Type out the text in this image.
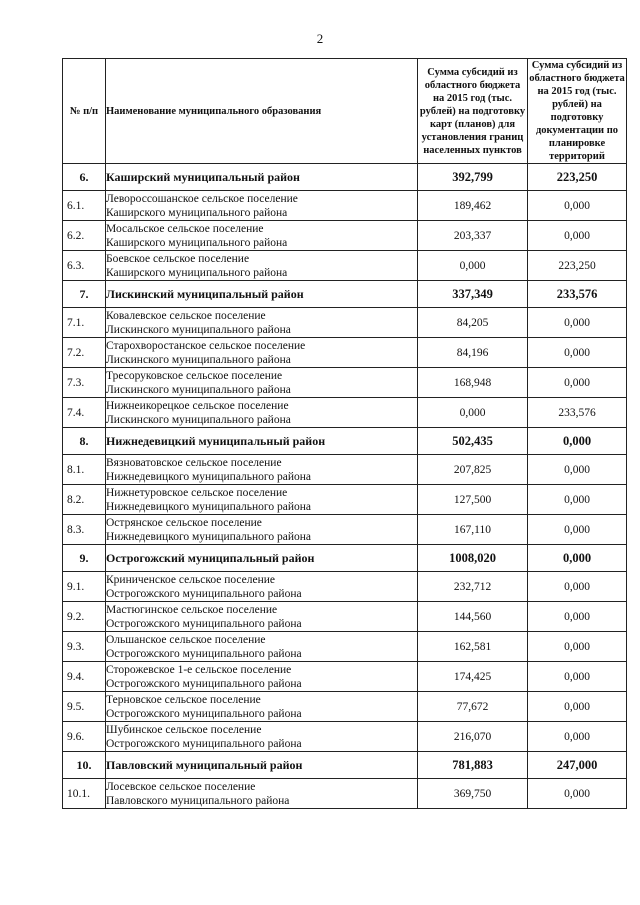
2
№ п/п	Наименование муниципального образования	Сумма субсидий из областного бюджета на 2015 год (тыс. рублей) на подготовку карт (планов) для установления границ населенных пунктов	Сумма субсидий из областного бюджета на 2015 год (тыс. рублей) на подготовку документации по планировке территорий
6.	Каширский муниципальный район	392,799	223,250
6.1.	Левороссошанское сельское поселение
Каширского муниципального района	189,462	0,000
6.2.	Мосальское сельское поселение
Каширского муниципального района	203,337	0,000
6.3.	Боевское сельское поселение
Каширского муниципального района	0,000	223,250
7.	Лискинский муниципальный район	337,349	233,576
7.1.	Ковалевское сельское поселение
Лискинского муниципального района	84,205	0,000
7.2.	Старохворостанское сельское поселение
Лискинского муниципального района	84,196	0,000
7.3.	Тресоруковское сельское поселение
Лискинского муниципального района	168,948	0,000
7.4.	Нижнеикорецкое сельское поселение
Лискинского муниципального района	0,000	233,576
8.	Нижнедевицкий муниципальный район	502,435	0,000
8.1.	Вязноватовское сельское поселение
Нижнедевицкого муниципального района	207,825	0,000
8.2.	Нижнетуровское сельское поселение
Нижнедевицкого муниципального района	127,500	0,000
8.3.	Острянское сельское поселение
Нижнедевицкого муниципального района	167,110	0,000
9.	Острогожский муниципальный район	1008,020	0,000
9.1.	Криниченское сельское поселение
Острогожского муниципального района	232,712	0,000
9.2.	Мастюгинское сельское поселение
Острогожского муниципального района	144,560	0,000
9.3.	Ольшанское сельское поселение
Острогожского муниципального района	162,581	0,000
9.4.	Сторожевское 1-е сельское поселение
Острогожского муниципального района	174,425	0,000
9.5.	Терновское сельское поселение
Острогожского муниципального района	77,672	0,000
9.6.	Шубинское сельское поселение
Острогожского муниципального района	216,070	0,000
10.	Павловский муниципальный район	781,883	247,000
10.1.	Лосевское сельское поселение
Павловского муниципального района	369,750	0,000
